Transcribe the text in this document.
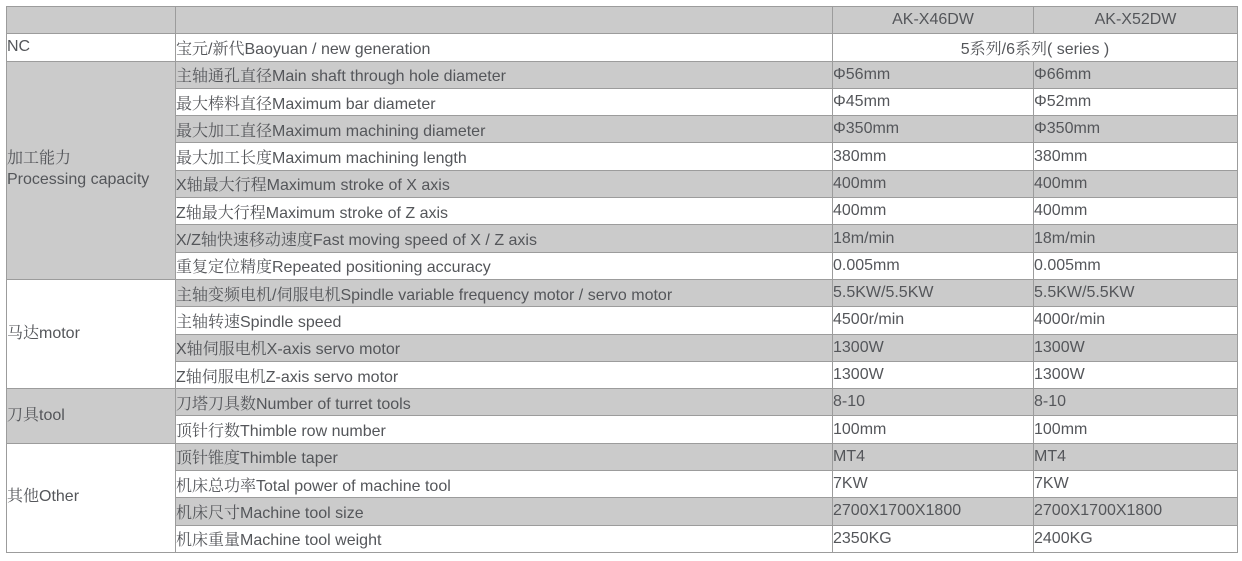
		AK-X46DW	AK-X52DW

NC	宝元/新代Baoyuan / new generation	5系列/6系列( series )	

加工能力
Processing capacity	主轴通孔直径Main shaft through hole diameter	Φ56mm	Φ66mm
	最大棒料直径Maximum bar diameter	Φ45mm	Φ52mm
	最大加工直径Maximum machining diameter	Φ350mm	Φ350mm
	最大加工长度Maximum machining length	380mm	380mm
	X轴最大行程Maximum stroke of X axis	400mm	400mm
	Z轴最大行程Maximum stroke of Z axis	400mm	400mm
	X/Z轴快速移动速度Fast moving speed of X / Z axis	18m/min	18m/min
	重复定位精度Repeated positioning accuracy	0.005mm	0.005mm

马达motor	主轴变频电机/伺服电机Spindle variable frequency motor / servo motor	5.5KW/5.5KW	5.5KW/5.5KW
	主轴转速Spindle speed	4500r/min	4000r/min
	X轴伺服电机X-axis servo motor	1300W	1300W
	Z轴伺服电机Z-axis servo motor	1300W	1300W

刀具tool	刀塔刀具数Number of turret tools	8-10	8-10
	顶针行数Thimble row number	100mm	100mm

其他Other	顶针锥度Thimble taper	MT4	MT4
	机床总功率Total power of machine tool	7KW	7KW
	机床尺寸Machine tool size	2700X1700X1800	2700X1700X1800
	机床重量Machine tool weight	2350KG	2400KG
